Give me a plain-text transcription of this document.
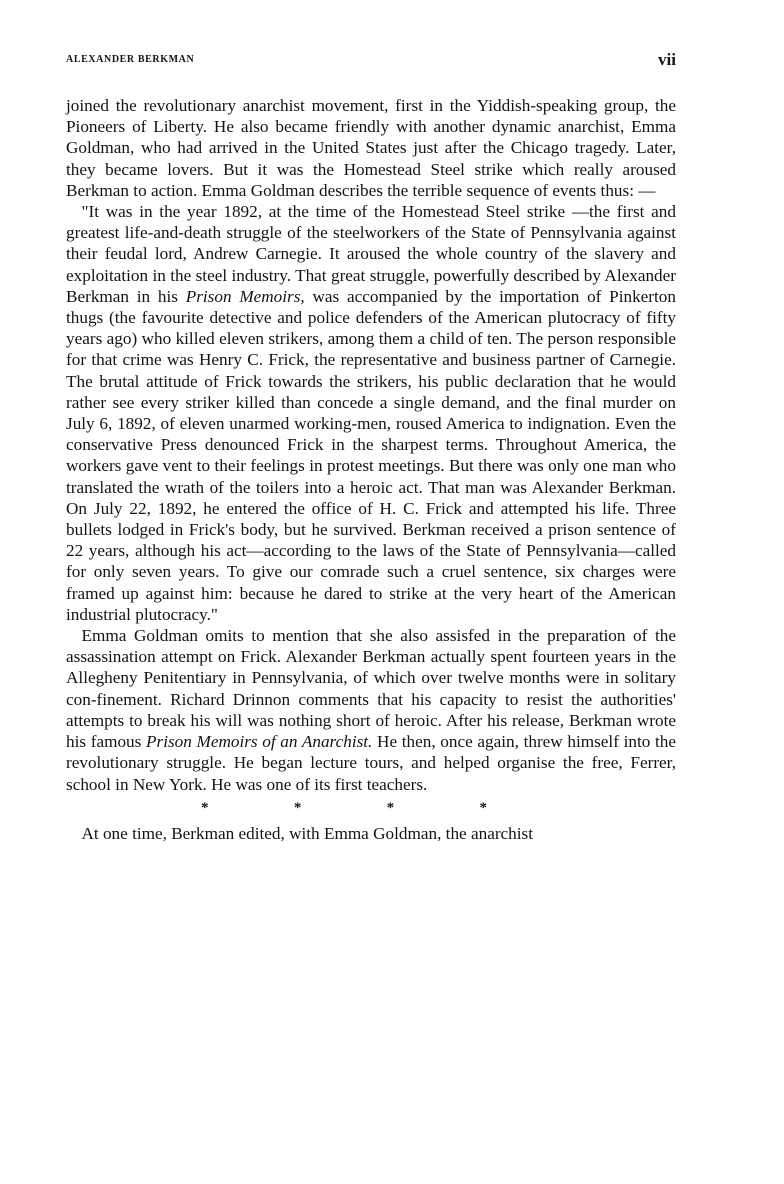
ALEXANDER BERKMAN	vii

joined the revolutionary anarchist movement, first in the Yiddish-speaking group, the Pioneers of Liberty. He also became friendly with another dynamic anarchist, Emma Goldman, who had arrived in the United States just after the Chicago tragedy. Later, they became lovers. But it was the Homestead Steel strike which really aroused Berkman to action. Emma Goldman describes the terrible sequence of events thus: —

"It was in the year 1892, at the time of the Homestead Steel strike —the first and greatest life-and-death struggle of the steelworkers of the State of Pennsylvania against their feudal lord, Andrew Carnegie. It aroused the whole country of the slavery and exploitation in the steel industry. That great struggle, powerfully described by Alexander Berkman in his Prison Memoirs, was accompanied by the importation of Pinkerton thugs (the favourite detective and police defenders of the American plutocracy of fifty years ago) who killed eleven strikers, among them a child of ten. The person responsible for that crime was Henry C. Frick, the representative and business partner of Carnegie. The brutal attitude of Frick towards the strikers, his public declaration that he would rather see every striker killed than concede a single demand, and the final murder on July 6, 1892, of eleven unarmed working-men, roused America to indignation. Even the conservative Press denounced Frick in the sharpest terms. Throughout America, the workers gave vent to their feelings in protest meetings. But there was only one man who translated the wrath of the toilers into a heroic act. That man was Alexander Berkman. On July 22, 1892, he entered the office of H. C. Frick and attempted his life. Three bullets lodged in Frick's body, but he survived. Berkman received a prison sentence of 22 years, although his act—according to the laws of the State of Pennsylvania—called for only seven years. To give our comrade such a cruel sentence, six charges were framed up against him: because he dared to strike at the very heart of the American industrial plutocracy."

Emma Goldman omits to mention that she also assisfed in the preparation of the assassination attempt on Frick. Alexander Berkman actually spent fourteen years in the Allegheny Penitentiary in Pennsylvania, of which over twelve months were in solitary con-finement. Richard Drinnon comments that his capacity to resist the authorities' attempts to break his will was nothing short of heroic. After his release, Berkman wrote his famous Prison Memoirs of an Anarchist. He then, once again, threw himself into the revolutionary struggle. He began lecture tours, and helped organise the free, Ferrer, school in New York. He was one of its first teachers.

*	*	*	*

At one time, Berkman edited, with Emma Goldman, the anarchist
